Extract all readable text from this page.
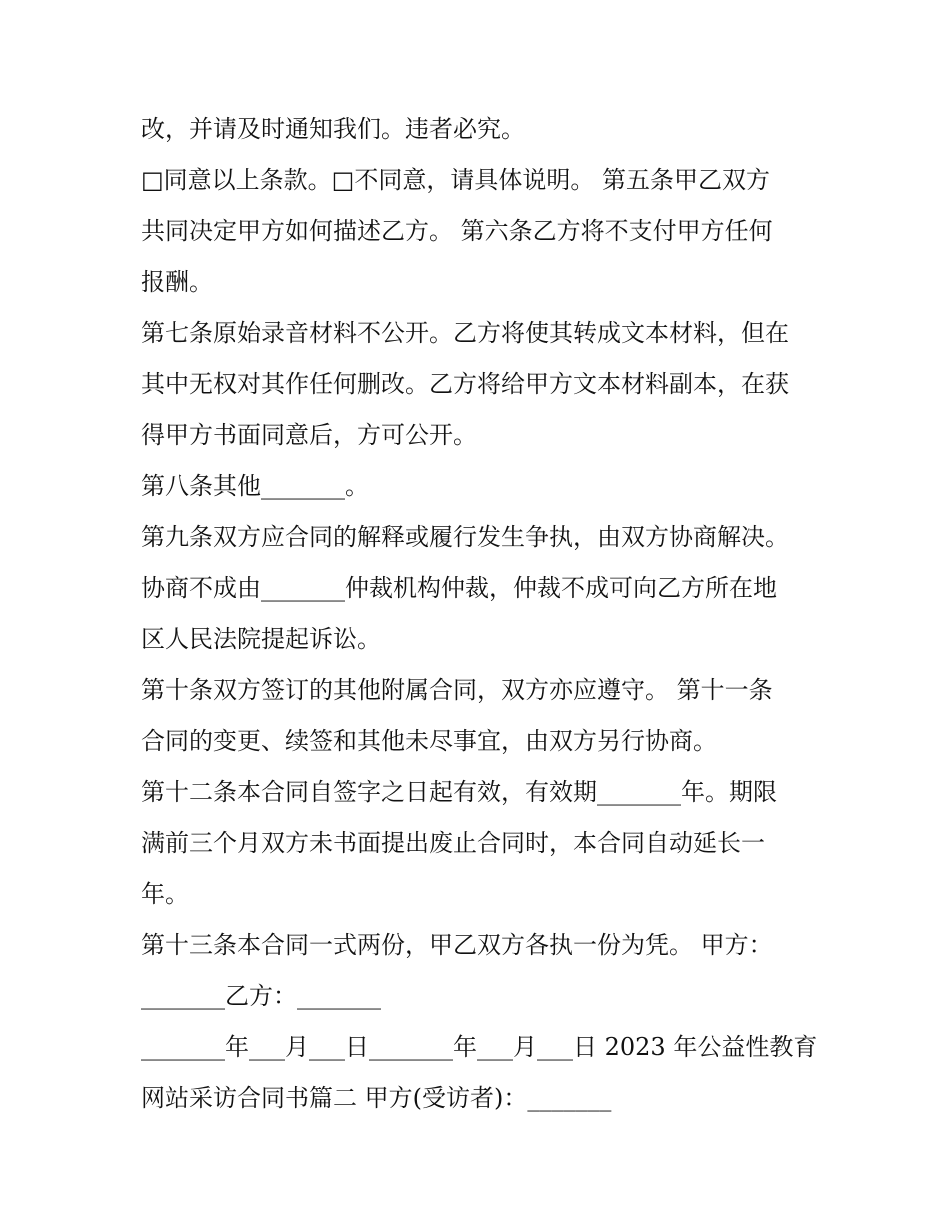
改，并请及时通知我们。违者必究。
□同意以上条款。□不同意，请具体说明。 第五条甲乙双方
共同决定甲方如何描述乙方。 第六条乙方将不支付甲方任何
报酬。
第七条原始录音材料不公开。乙方将使其转成文本材料，但在
其中无权对其作任何删改。乙方将给甲方文本材料副本，在获
得甲方书面同意后，方可公开。
第八条其他_______。
第九条双方应合同的解释或履行发生争执，由双方协商解决。
协商不成由_______仲裁机构仲裁，仲裁不成可向乙方所在地
区人民法院提起诉讼。
第十条双方签订的其他附属合同，双方亦应遵守。 第十一条
合同的变更、续签和其他未尽事宜，由双方另行协商。
第十二条本合同自签字之日起有效，有效期_______年。期限
满前三个月双方未书面提出废止合同时，本合同自动延长一
年。
第十三条本合同一式两份，甲乙双方各执一份为凭。 甲方：
_______乙方：_______
_______年___月___日_______年___月___日 2023 年公益性教育
网站采访合同书篇二 甲方(受访者)：_______
